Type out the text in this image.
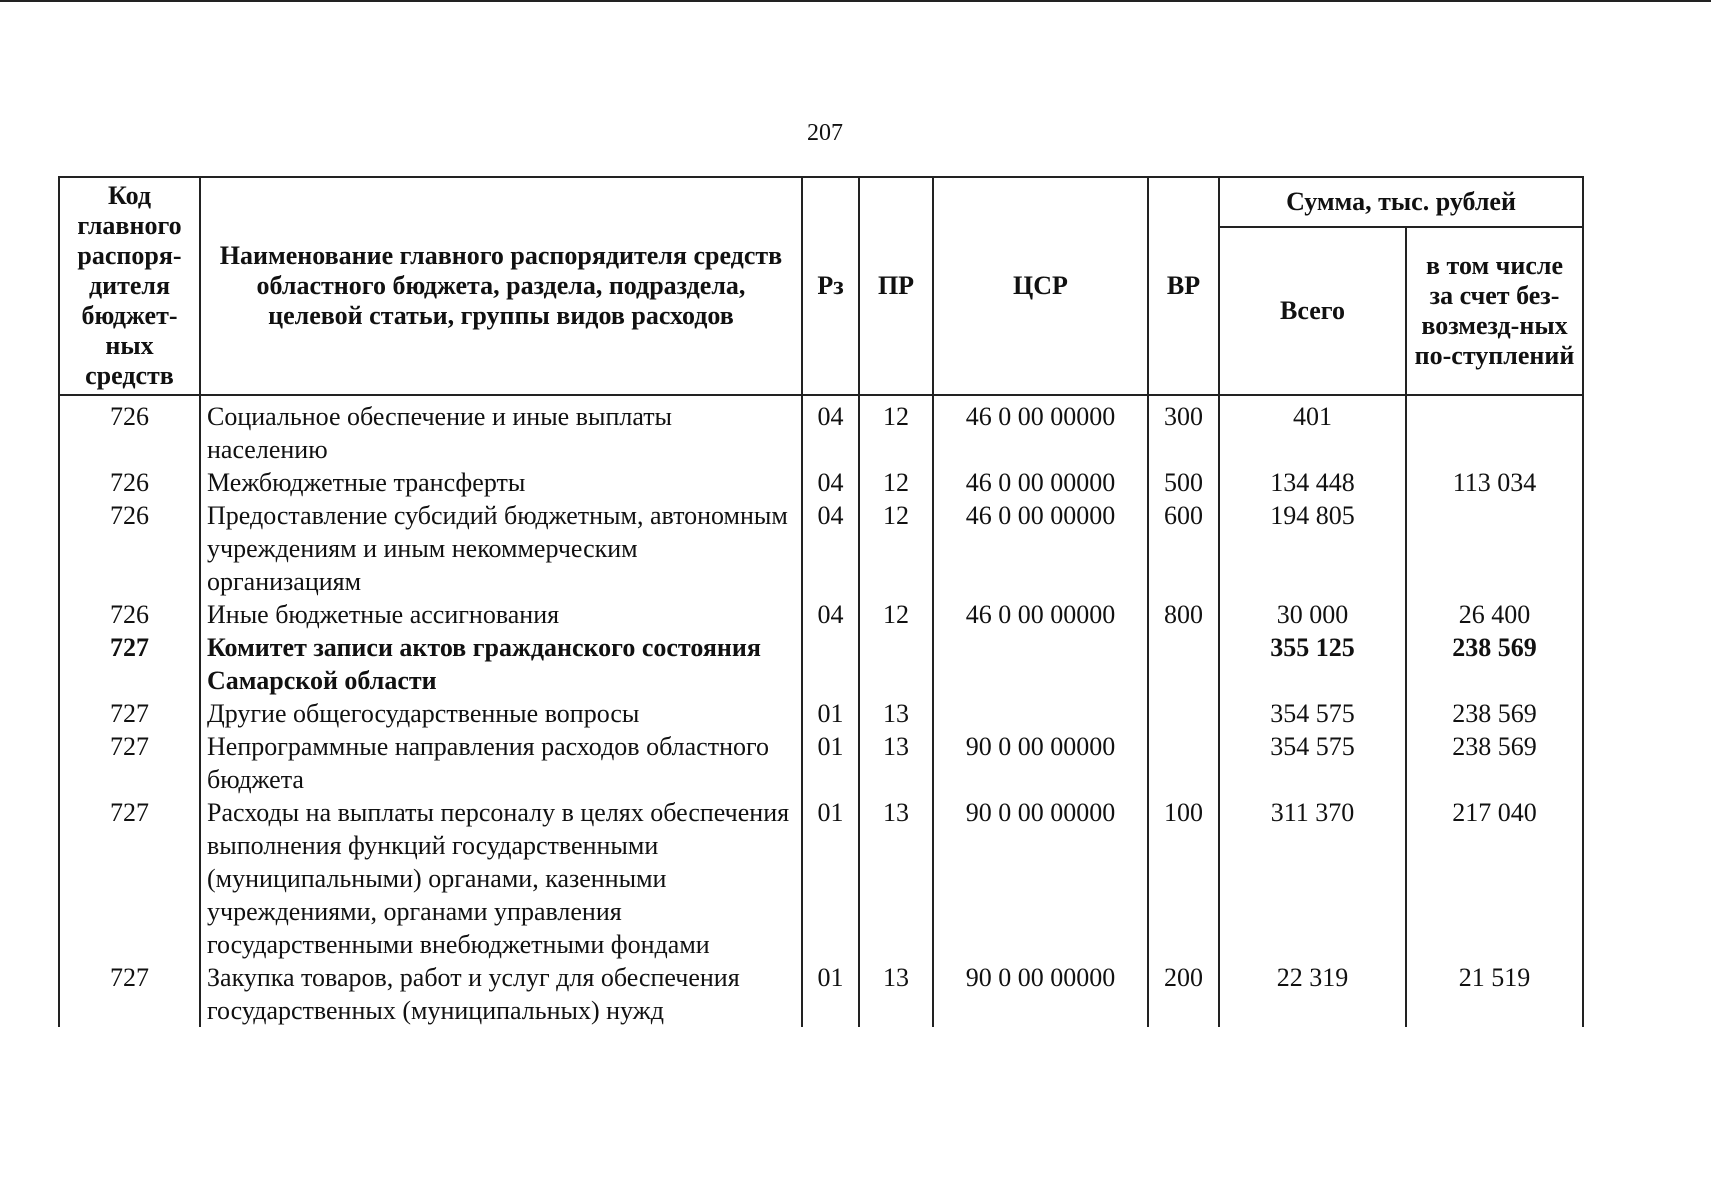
207
Код главного распоря-дителя бюджет-ных средств	Наименование главного распорядителя средств областного бюджета, раздела, подраздела, целевой статьи, группы видов расходов	Рз	ПР	ЦСР	ВР	Сумма, тыс. рублей	
						Всего	в том числе за счет без-возмезд-ных по-ступлений
726	Социальное обеспечение и иные выплаты населению	04	12	46 0 00 00000	300	401	
726	Межбюджетные трансферты	04	12	46 0 00 00000	500	134 448	113 034
726	Предоставление субсидий бюджетным, автономным учреждениям и иным некоммерческим организациям	04	12	46 0 00 00000	600	194 805	
726	Иные бюджетные ассигнования	04	12	46 0 00 00000	800	30 000	26 400
727	Комитет записи актов гражданского состояния Самарской области					355 125	238 569
727	Другие общегосударственные вопросы	01	13			354 575	238 569
727	Непрограммные направления расходов областного бюджета	01	13	90 0 00 00000		354 575	238 569
727	Расходы на выплаты персоналу в целях обеспечения выполнения функций государственными (муниципальными) органами, казенными учреждениями, органами управления государственными внебюджетными фондами	01	13	90 0 00 00000	100	311 370	217 040
727	Закупка товаров, работ и услуг для обеспечения государственных (муниципальных) нужд	01	13	90 0 00 00000	200	22 319	21 519
